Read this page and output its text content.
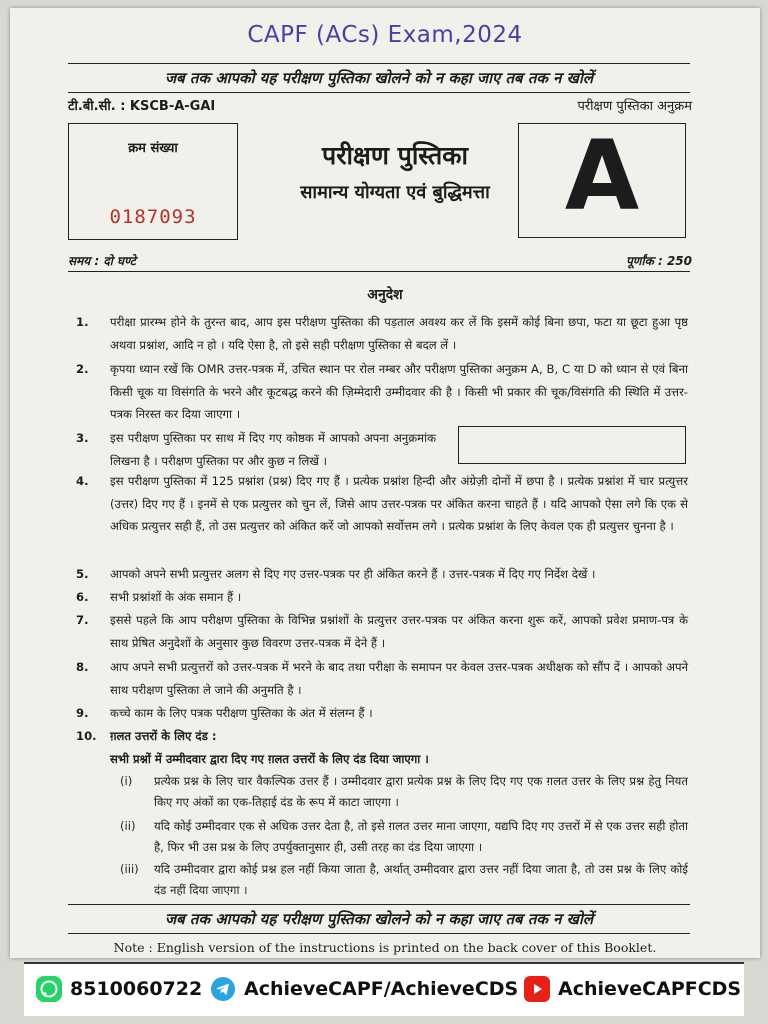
CAPF (ACs) Exam,2024
जब तक आपको यह परीक्षण पुस्तिका खोलने को न कहा जाए तब तक न खोलें
टी.बी.सी. : KSCB-A-GAI	परीक्षण पुस्तिका अनुक्रम
क्रम संख्या
0187093
परीक्षण पुस्तिका
सामान्य योग्यता एवं बुद्धिमत्ता A
समय : दो घण्टे	पूर्णांक : 250
अनुदेश
1.	परीक्षा प्रारम्भ होने के तुरन्त बाद, आप इस परीक्षण पुस्तिका की पड़ताल अवश्य कर लें कि इसमें कोई बिना छपा, फटा या छूटा हुआ पृष्ठ अथवा प्रश्नांश, आदि न हो । यदि ऐसा है, तो इसे सही परीक्षण पुस्तिका से बदल लें ।
2.	कृपया ध्यान रखें कि OMR उत्तर-पत्रक में, उचित स्थान पर रोल नम्बर और परीक्षण पुस्तिका अनुक्रम A, B, C या D को ध्यान से एवं बिना किसी चूक या विसंगति के भरने और कूटबद्ध करने की ज़िम्मेदारी उम्मीदवार की है । किसी भी प्रकार की चूक/विसंगति की स्थिति में उत्तर-पत्रक निरस्त कर दिया जाएगा ।
3.	इस परीक्षण पुस्तिका पर साथ में दिए गए कोष्ठक में आपको अपना अनुक्रमांक लिखना है । परीक्षण पुस्तिका पर और कुछ न लिखें ।
4.	इस परीक्षण पुस्तिका में 125 प्रश्नांश (प्रश्न) दिए गए हैं । प्रत्येक प्रश्नांश हिन्दी और अंग्रेज़ी दोनों में छपा है । प्रत्येक प्रश्नांश में चार प्रत्युत्तर (उत्तर) दिए गए हैं । इनमें से एक प्रत्युत्तर को चुन लें, जिसे आप उत्तर-पत्रक पर अंकित करना चाहते हैं । यदि आपको ऐसा लगे कि एक से अधिक प्रत्युत्तर सही हैं, तो उस प्रत्युत्तर को अंकित करें जो आपको सर्वोत्तम लगे । प्रत्येक प्रश्नांश के लिए केवल एक ही प्रत्युत्तर चुनना है ।
5.	आपको अपने सभी प्रत्युत्तर अलग से दिए गए उत्तर-पत्रक पर ही अंकित करने हैं । उत्तर-पत्रक में दिए गए निर्देश देखें ।
6.	सभी प्रश्नांशों के अंक समान हैं ।
7.	इससे पहले कि आप परीक्षण पुस्तिका के विभिन्न प्रश्नांशों के प्रत्युत्तर उत्तर-पत्रक पर अंकित करना शुरू करें, आपको प्रवेश प्रमाण-पत्र के साथ प्रेषित अनुदेशों के अनुसार कुछ विवरण उत्तर-पत्रक में देने हैं ।
8.	आप अपने सभी प्रत्युत्तरों को उत्तर-पत्रक में भरने के बाद तथा परीक्षा के समापन पर केवल उत्तर-पत्रक अधीक्षक को सौंप दें । आपको अपने साथ परीक्षण पुस्तिका ले जाने की अनुमति है ।
9.	कच्चे काम के लिए पत्रक परीक्षण पुस्तिका के अंत में संलग्न हैं ।
10.	ग़लत उत्तरों के लिए दंड :
सभी प्रश्नों में उम्मीदवार द्वारा दिए गए ग़लत उत्तरों के लिए दंड दिया जाएगा ।
(i) प्रत्येक प्रश्न के लिए चार वैकल्पिक उत्तर हैं । उम्मीदवार द्वारा प्रत्येक प्रश्न के लिए दिए गए एक ग़लत उत्तर के लिए प्रश्न हेतु नियत किए गए अंकों का एक-तिहाई दंड के रूप में काटा जाएगा ।
(ii) यदि कोई उम्मीदवार एक से अधिक उत्तर देता है, तो इसे ग़लत उत्तर माना जाएगा, यद्यपि दिए गए उत्तरों में से एक उत्तर सही होता है, फिर भी उस प्रश्न के लिए उपर्युक्तानुसार ही, उसी तरह का दंड दिया जाएगा ।
(iii) यदि उम्मीदवार द्वारा कोई प्रश्न हल नहीं किया जाता है, अर्थात् उम्मीदवार द्वारा उत्तर नहीं दिया जाता है, तो उस प्रश्न के लिए कोई दंड नहीं दिया जाएगा ।
जब तक आपको यह परीक्षण पुस्तिका खोलने को न कहा जाए तब तक न खोलें
Note : English version of the instructions is printed on the back cover of this Booklet.
8510060722 AchieveCAPF/AchieveCDS AchieveCAPFCDS
